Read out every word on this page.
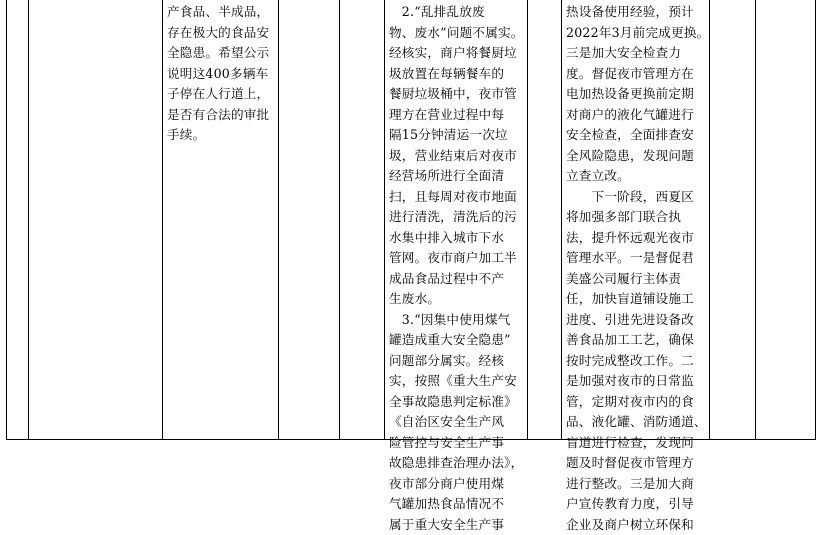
产食品、半成品，
存在极大的食品安
全隐患。希望公示
说明这400多辆车
子停在人行道上，
是否有合法的审批
手续。
　2.“乱排乱放废
物、废水”问题不属实。
经核实，商户将餐厨垃
圾放置在每辆餐车的
餐厨垃圾桶中，夜市管
理方在营业过程中每
隔15分钟清运一次垃
圾，营业结束后对夜市
经营场所进行全面清
扫，且每周对夜市地面
进行清洗，清洗后的污
水集中排入城市下水
管网。夜市商户加工半
成品食品过程中不产
生废水。
　3.“因集中使用煤气
罐造成重大安全隐患”
问题部分属实。经核
实，按照《重大生产安
全事故隐患判定标准》
《自治区安全生产风
险管控与安全生产事
故隐患排查治理办法》，
夜市部分商户使用煤
气罐加热食品情况不
属于重大安全生产事
热设备使用经验，预计
2022年3月前完成更换。
三是加大安全检查力
度。督促夜市管理方在
电加热设备更换前定期
对商户的液化气罐进行
安全检查，全面排查安
全风险隐患，发现问题
立查立改。
　　下一阶段，西夏区
将加强多部门联合执
法，提升怀远观光夜市
管理水平。一是督促君
美盛公司履行主体责
任，加快盲道铺设施工
进度、引进先进设备改
善食品加工工艺，确保
按时完成整改工作。二
是加强对夜市的日常监
管，定期对夜市内的食
品、液化罐、消防通道、
盲道进行检查，发现问
题及时督促夜市管理方
进行整改。三是加大商
户宣传教育力度，引导
企业及商户树立环保和
